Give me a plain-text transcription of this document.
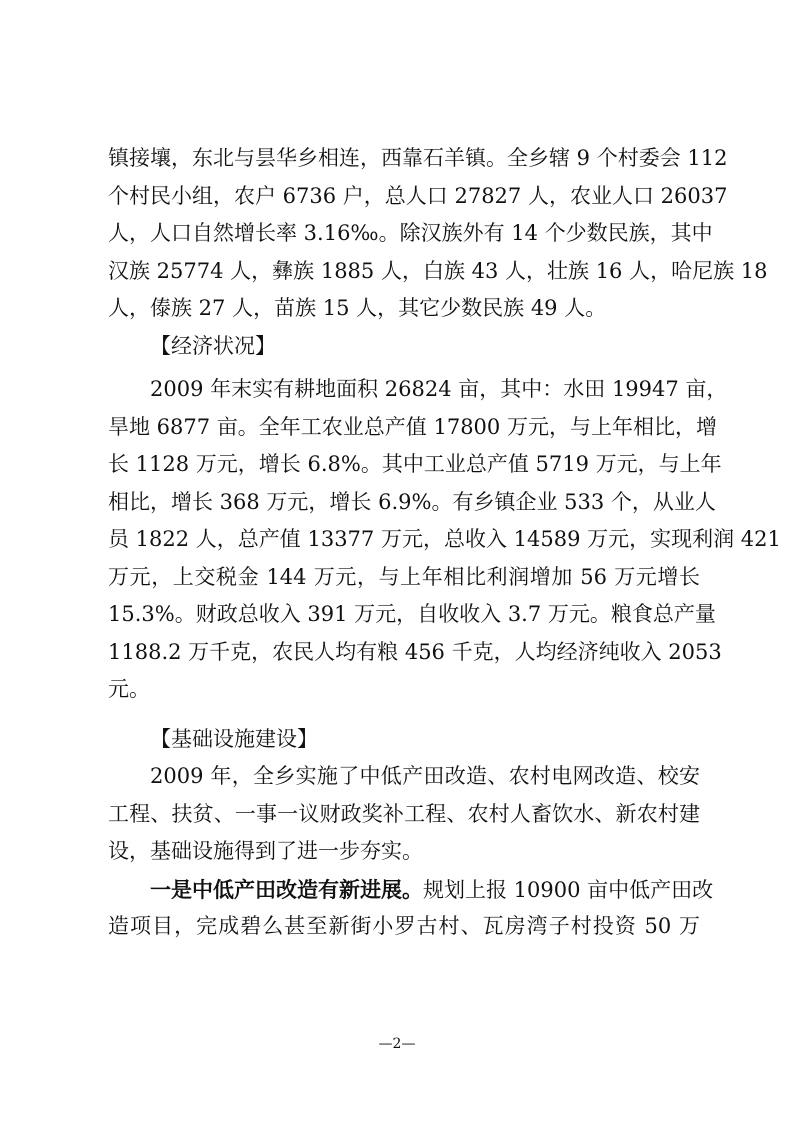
镇接壤，东北与昙华乡相连，西靠石羊镇。全乡辖 9 个村委会 112
个村民小组，农户 6736 户，总人口 27827 人，农业人口 26037
人，人口自然增长率 3.16‰。除汉族外有 14 个少数民族，其中
汉族 25774 人，彝族 1885 人，白族 43 人，壮族 16 人，哈尼族 18
人，傣族 27 人，苗族 15 人，其它少数民族 49 人。
【经济状况】
2009 年末实有耕地面积 26824 亩，其中：水田 19947 亩，
旱地 6877 亩。全年工农业总产值 17800 万元，与上年相比，增
长 1128 万元，增长 6.8%。其中工业总产值 5719 万元，与上年
相比，增长 368 万元，增长 6.9%。有乡镇企业 533 个，从业人
员 1822 人，总产值 13377 万元，总收入 14589 万元，实现利润 421
万元，上交税金 144 万元，与上年相比利润增加 56 万元增长
15.3%。财政总收入 391 万元，自收收入 3.7 万元。粮食总产量
1188.2 万千克，农民人均有粮 456 千克，人均经济纯收入 2053
元。
【基础设施建设】
2009 年，全乡实施了中低产田改造、农村电网改造、校安
工程、扶贫、一事一议财政奖补工程、农村人畜饮水、新农村建
设，基础设施得到了进一步夯实。
一是中低产田改造有新进展。规划上报 10900 亩中低产田改
造项目，完成碧么甚至新街小罗古村、瓦房湾子村投资 50 万
—2—
